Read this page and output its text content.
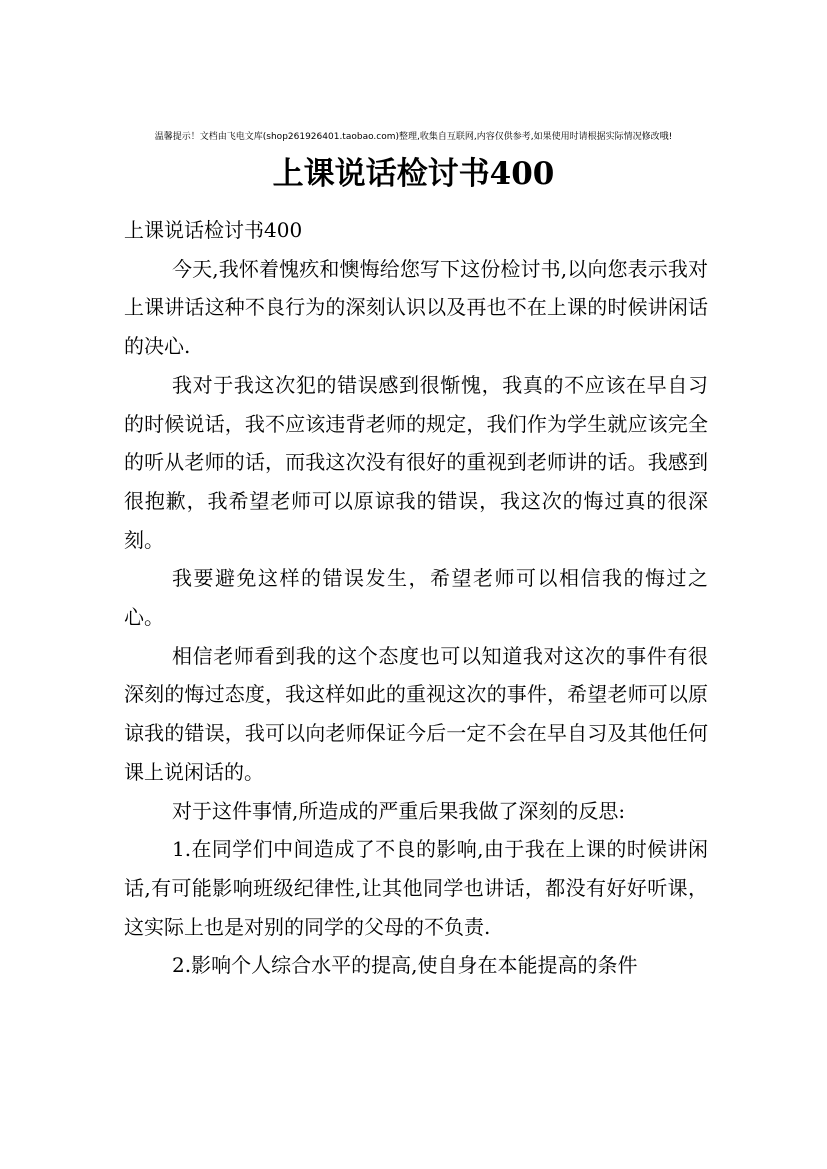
温馨提示！文档由飞电文库(shop261926401.taobao.com)整理,收集自互联网,内容仅供参考,如果使用时请根据实际情况修改哦!
上课说话检讨书400

上课说话检讨书400

今天,我怀着愧疚和懊悔给您写下这份检讨书,以向您表示我对上课讲话这种不良行为的深刻认识以及再也不在上课的时候讲闲话的决心.

我对于我这次犯的错误感到很惭愧，我真的不应该在早自习的时候说话，我不应该违背老师的规定，我们作为学生就应该完全的听从老师的话，而我这次没有很好的重视到老师讲的话。我感到很抱歉，我希望老师可以原谅我的错误，我这次的悔过真的很深刻。

我要避免这样的错误发生，希望老师可以相信我的悔过之心。

相信老师看到我的这个态度也可以知道我对这次的事件有很深刻的悔过态度，我这样如此的重视这次的事件，希望老师可以原谅我的错误，我可以向老师保证今后一定不会在早自习及其他任何课上说闲话的。

对于这件事情,所造成的严重后果我做了深刻的反思:

1.在同学们中间造成了不良的影响,由于我在上课的时候讲闲话,有可能影响班级纪律性,让其他同学也讲话，都没有好好听课，这实际上也是对别的同学的父母的不负责.

2.影响个人综合水平的提高,使自身在本能提高的条件
